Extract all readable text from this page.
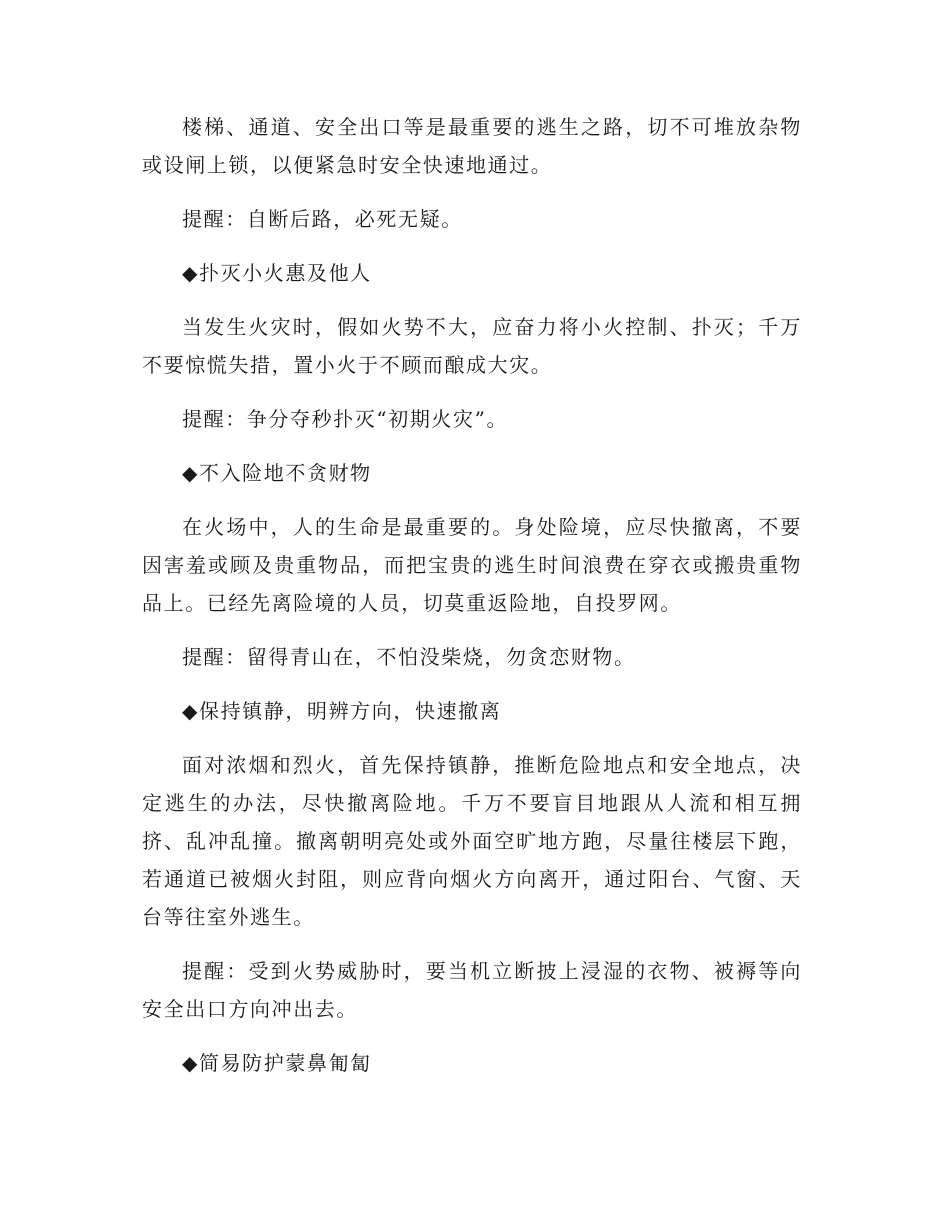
楼梯、通道、安全出口等是最重要的逃生之路，切不可堆放杂物或设闸上锁，以便紧急时安全快速地通过。

提醒：自断后路，必死无疑。

◆扑灭小火惠及他人

当发生火灾时，假如火势不大，应奋力将小火控制、扑灭；千万不要惊慌失措，置小火于不顾而酿成大灾。

提醒：争分夺秒扑灭“初期火灾”。

◆不入险地不贪财物

在火场中，人的生命是最重要的。身处险境，应尽快撤离，不要因害羞或顾及贵重物品，而把宝贵的逃生时间浪费在穿衣或搬贵重物品上。已经先离险境的人员，切莫重返险地，自投罗网。

提醒：留得青山在，不怕没柴烧，勿贪恋财物。

◆保持镇静，明辨方向，快速撤离

面对浓烟和烈火，首先保持镇静，推断危险地点和安全地点，决定逃生的办法，尽快撤离险地。千万不要盲目地跟从人流和相互拥挤、乱冲乱撞。撤离朝明亮处或外面空旷地方跑，尽量往楼层下跑，若通道已被烟火封阻，则应背向烟火方向离开，通过阳台、气窗、天台等往室外逃生。

提醒：受到火势威胁时，要当机立断披上浸湿的衣物、被褥等向安全出口方向冲出去。

◆简易防护蒙鼻匍匐
